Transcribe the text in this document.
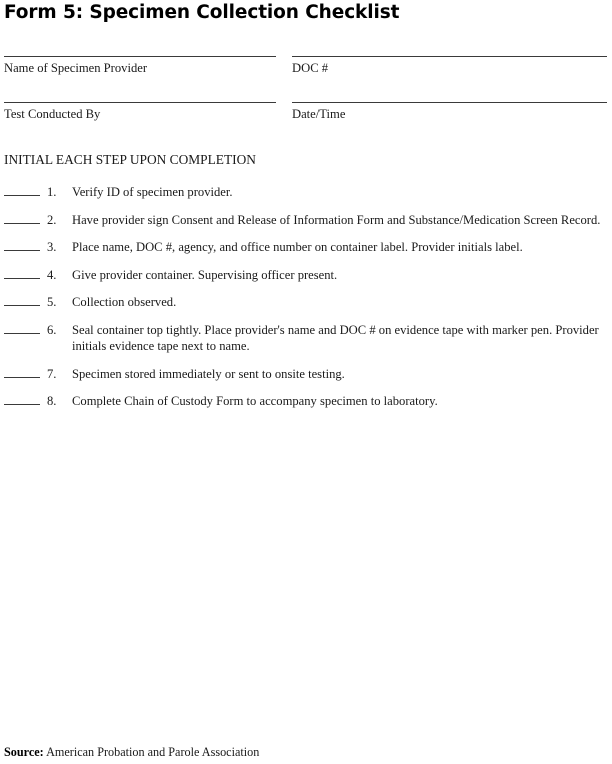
Form 5: Specimen Collection Checklist
Name of Specimen Provider	DOC #
Test Conducted By	Date/Time
INITIAL EACH STEP UPON COMPLETION
1.	Verify ID of specimen provider.
2.	Have provider sign Consent and Release of Information Form and Substance/Medication Screen Record.
3.	Place name, DOC #, agency, and office number on container label. Provider initials label.
4.	Give provider container. Supervising officer present.
5.	Collection observed.
6.	Seal container top tightly. Place provider's name and DOC # on evidence tape with marker pen. Provider initials evidence tape next to name.
7.	Specimen stored immediately or sent to onsite testing.
8.	Complete Chain of Custody Form to accompany specimen to laboratory.
Source: American Probation and Parole Association
